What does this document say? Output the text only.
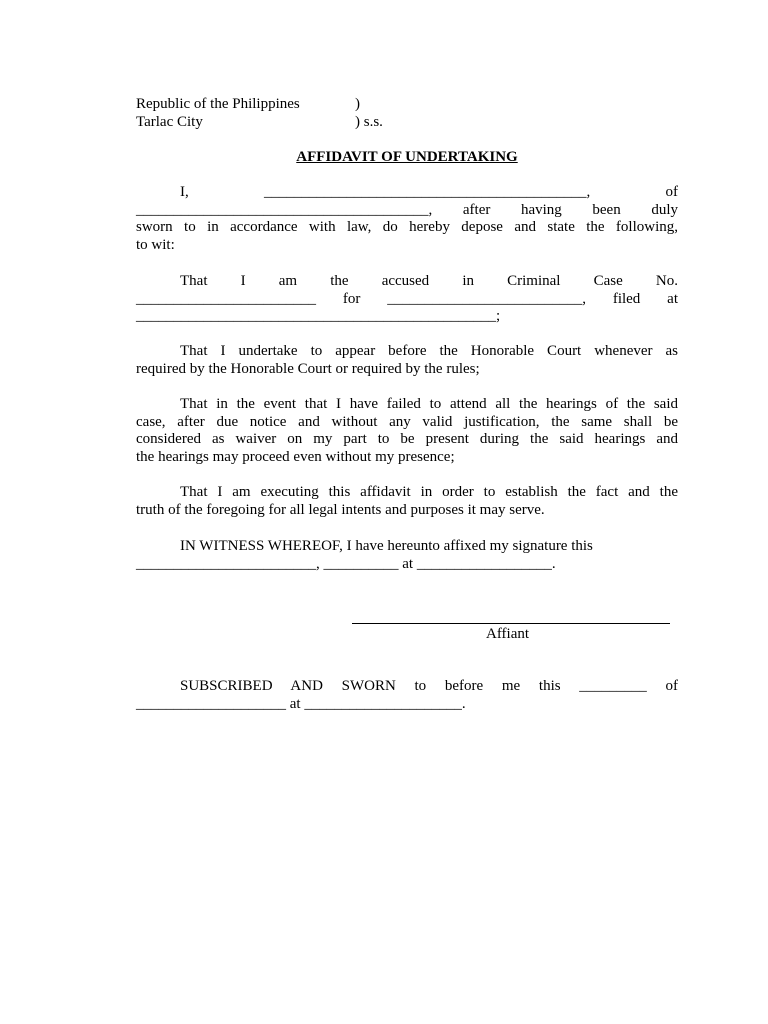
Republic of the Philippines	)
Tarlac City	) s.s.
AFFIDAVIT OF UNDERTAKING
I, ___________________________________________, of
_______________________________________, after having been duly
sworn to in accordance with law, do hereby depose and state the following,
to wit:
That I am the accused in Criminal Case No.
________________________ for __________________________, filed at
________________________________________________;
That I undertake to appear before the Honorable Court whenever as
required by the Honorable Court or required by the rules;
That in the event that I have failed to attend all the hearings of the said
case, after due notice and without any valid justification, the same shall be
considered as waiver on my part to be present during the said hearings and
the hearings may proceed even without my presence;
That I am executing this affidavit in order to establish the fact and the
truth of the foregoing for all legal intents and purposes it may serve.
IN WITNESS WHEREOF, I have hereunto affixed my signature this
________________________, __________ at __________________.
Affiant
SUBSCRIBED AND SWORN to before me this _________ of
____________________ at _____________________.
